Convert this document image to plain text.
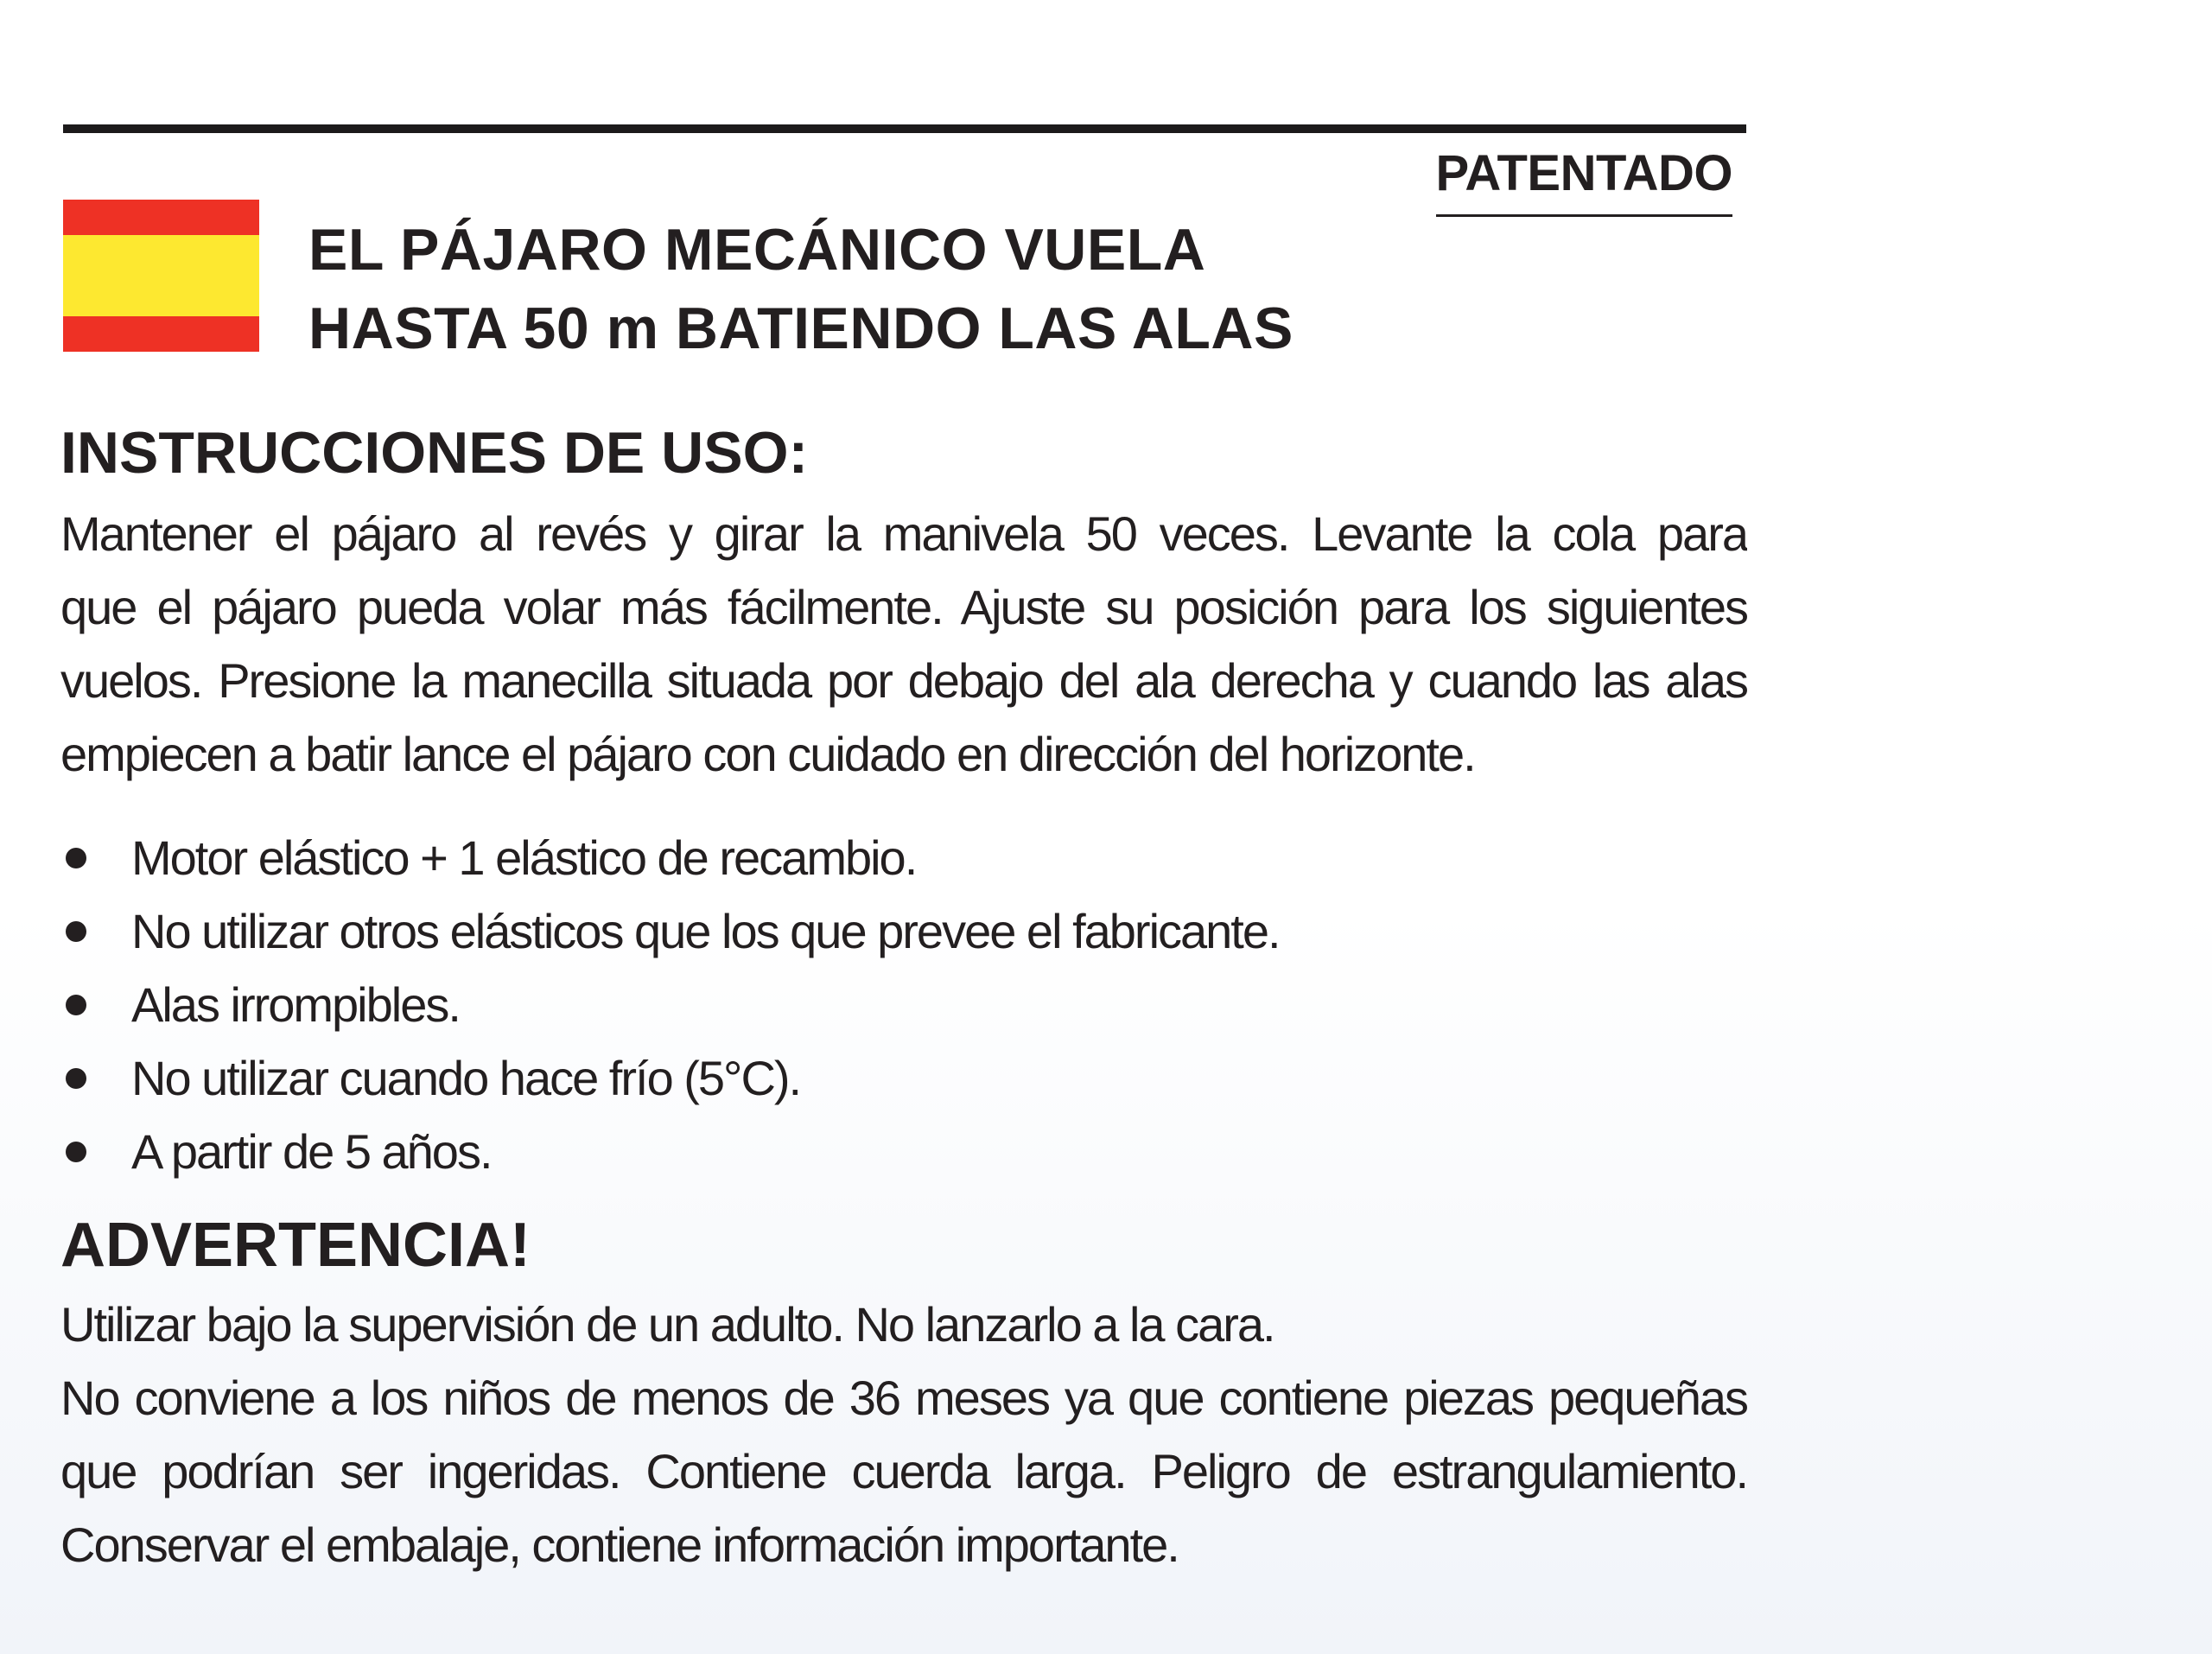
PATENTADO
EL PÁJARO MECÁNICO VUELA
HASTA 50 m BATIENDO LAS ALAS
INSTRUCCIONES DE USO:
Mantener el pájaro al revés y girar la manivela 50 veces. Levante la cola para
que el pájaro pueda volar más fácilmente. Ajuste su posición para los siguientes
vuelos. Presione la manecilla situada por debajo del ala derecha y cuando las alas
empiecen a batir lance el pájaro con cuidado en dirección del horizonte.
Motor elástico + 1 elástico de recambio.
No utilizar otros elásticos que los que prevee el fabricante.
Alas irrompibles.
No utilizar cuando hace frío (5°C).
A partir de 5 años.
ADVERTENCIA!
Utilizar bajo la supervisión de un adulto. No lanzarlo a la cara.
No conviene a los niños de menos de 36 meses ya que contiene piezas pequeñas
que podrían ser ingeridas. Contiene cuerda larga. Peligro de estrangulamiento.
Conservar el embalaje, contiene información importante.
